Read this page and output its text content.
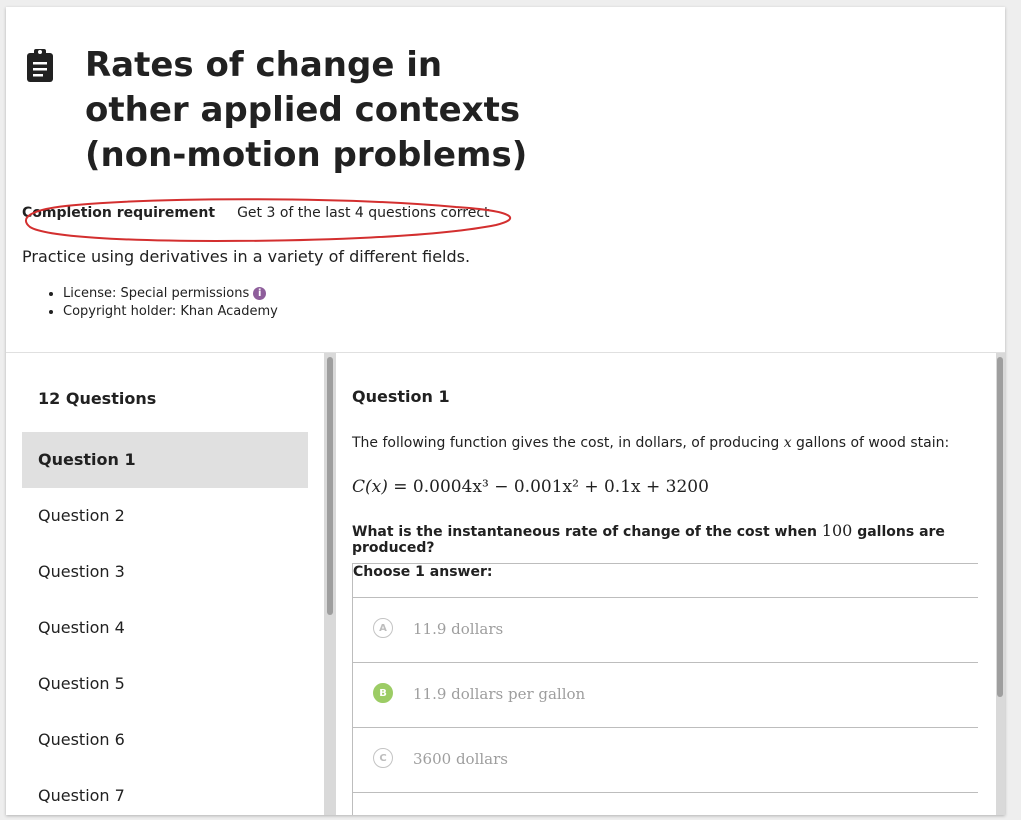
Rates of change in other applied contexts (non-motion problems)
Completion requirement Get 3 of the last 4 questions correct
Practice using derivatives in a variety of different fields.
• License: Special permissions i
• Copyright holder: Khan Academy
12 Questions
Question 1
Question 2
Question 3
Question 4
Question 5
Question 6
Question 7
Question 1
The following function gives the cost, in dollars, of producing x gallons of wood stain:
C(x) = 0.0004x³ − 0.001x² + 0.1x + 3200
What is the instantaneous rate of change of the cost when 100 gallons are produced?
Choose 1 answer:
A	11.9 dollars
B	11.9 dollars per gallon
C	3600 dollars
